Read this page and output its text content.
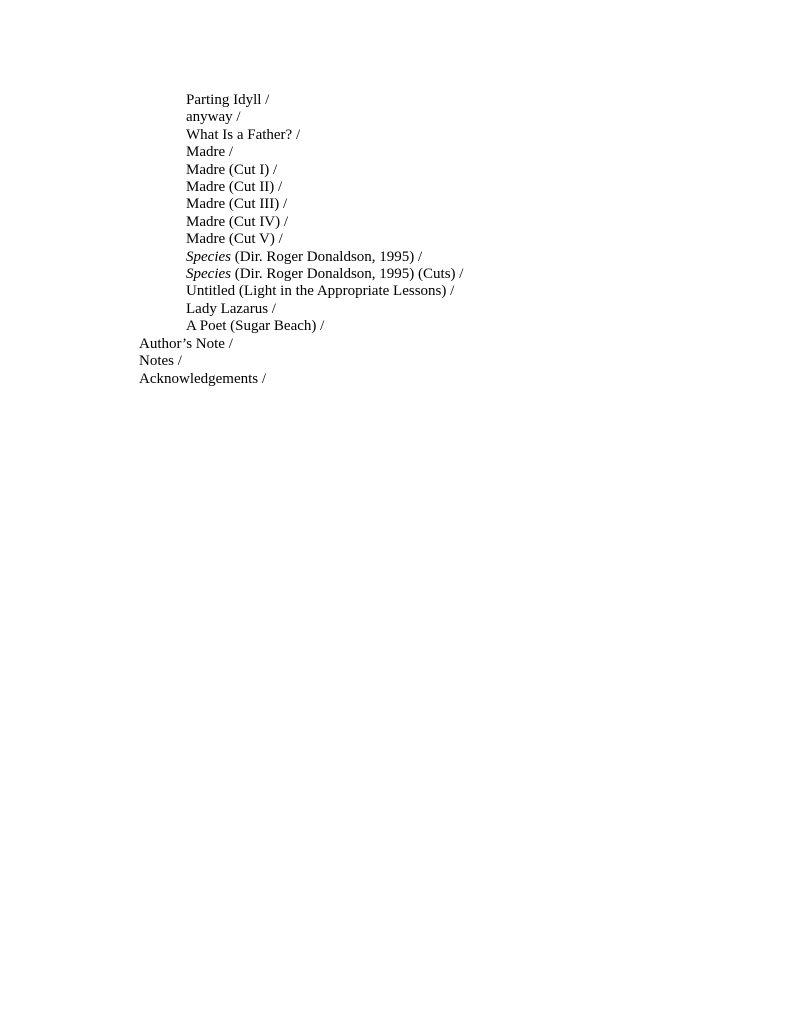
Parting Idyll /
anyway /
What Is a Father? /
Madre /
Madre (Cut I) /
Madre (Cut II) /
Madre (Cut III) /
Madre (Cut IV) /
Madre (Cut V) /
Species (Dir. Roger Donaldson, 1995) /
Species (Dir. Roger Donaldson, 1995) (Cuts) /
Untitled (Light in the Appropriate Lessons) /
Lady Lazarus /
A Poet (Sugar Beach) /
Author’s Note /
Notes /
Acknowledgements /
